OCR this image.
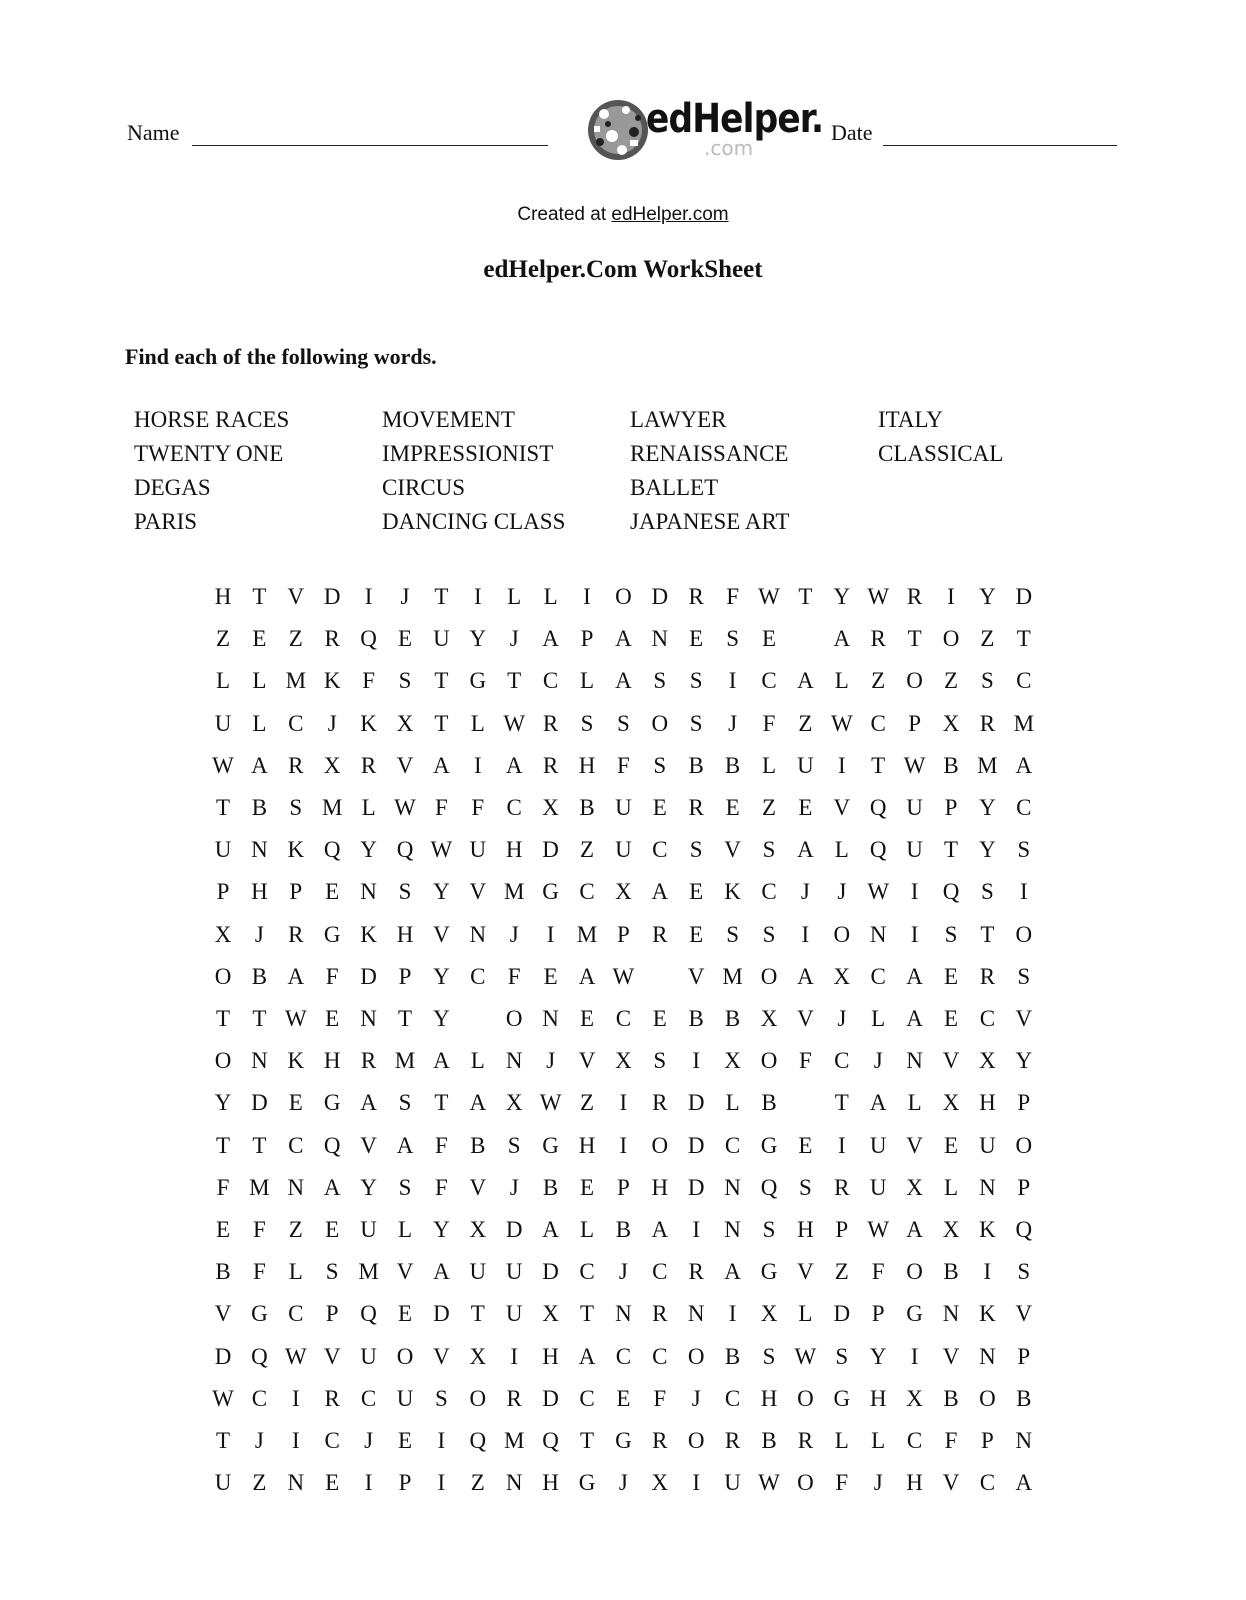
Name	edHelper.
.com
Date
Created at edHelper.com
edHelper.Com WorkSheet
Find each of the following words.
HORSE RACES
TWENTY ONE
DEGAS
PARIS
MOVEMENT
IMPRESSIONIST
CIRCUS
DANCING CLASS
LAWYER
RENAISSANCE
BALLET
JAPANESE ART
ITALY
CLASSICAL
H T V D	I	J	T	I	L L	I	O D R F W T Y W R	I	Y D
Z E Z R Q E U Y	J	A P A N E S E	A R T O Z T
L L M K F	S T G T C L A S	S	I	C A L Z O Z S C
U L C	J	K X T L W R S	S O S	J	F Z W C P X R M
W A R X R V A	I	A R H F	S B B L U	I	T W B M A
T B S M L W F	F C X B U E R E Z E V Q U P Y C
U N K Q Y Q W U H D Z U C S V S A L Q U T Y S
P H P E N S Y V M G C X A E K C	J	J W I	Q S	I
X	J	R G K H V N	J	I M P R E S	S	I	O N	I	S T O
O B A F D P Y C F E A W	V M O A X C A E R S
T T W E N T Y	O N E C E B B X V	J	L A E C V
O N K H R M A L N	J	V X S	I	X O F C	J	N V X Y
Y D E G A S T A X W Z	I	R D L B	T A L X H P
T T C Q V A F B S G H	I	O D C G E	I	U V E U O
F M N A Y S	F V	J	B E P H D N Q S R U X L N P
E F Z E U L Y X D A L B A	I	N S H P W A X K Q
B F L S M V A U U D C	J	C R A G V Z F O B	I	S
V G C P Q E D T U X T N R N	I	X L D P G N K V
D Q W V U O V X	I	H A C C O B S W S Y	I	V N P
W C	I	R C U S O R D C E F	J	C H O G H X B O B
T	J	I	C	J	E	I	Q M Q T G R O R B R L L C F	P N
U Z N E	I	P	I	Z N H G	J	X	I	U W O F	J	H V C A
